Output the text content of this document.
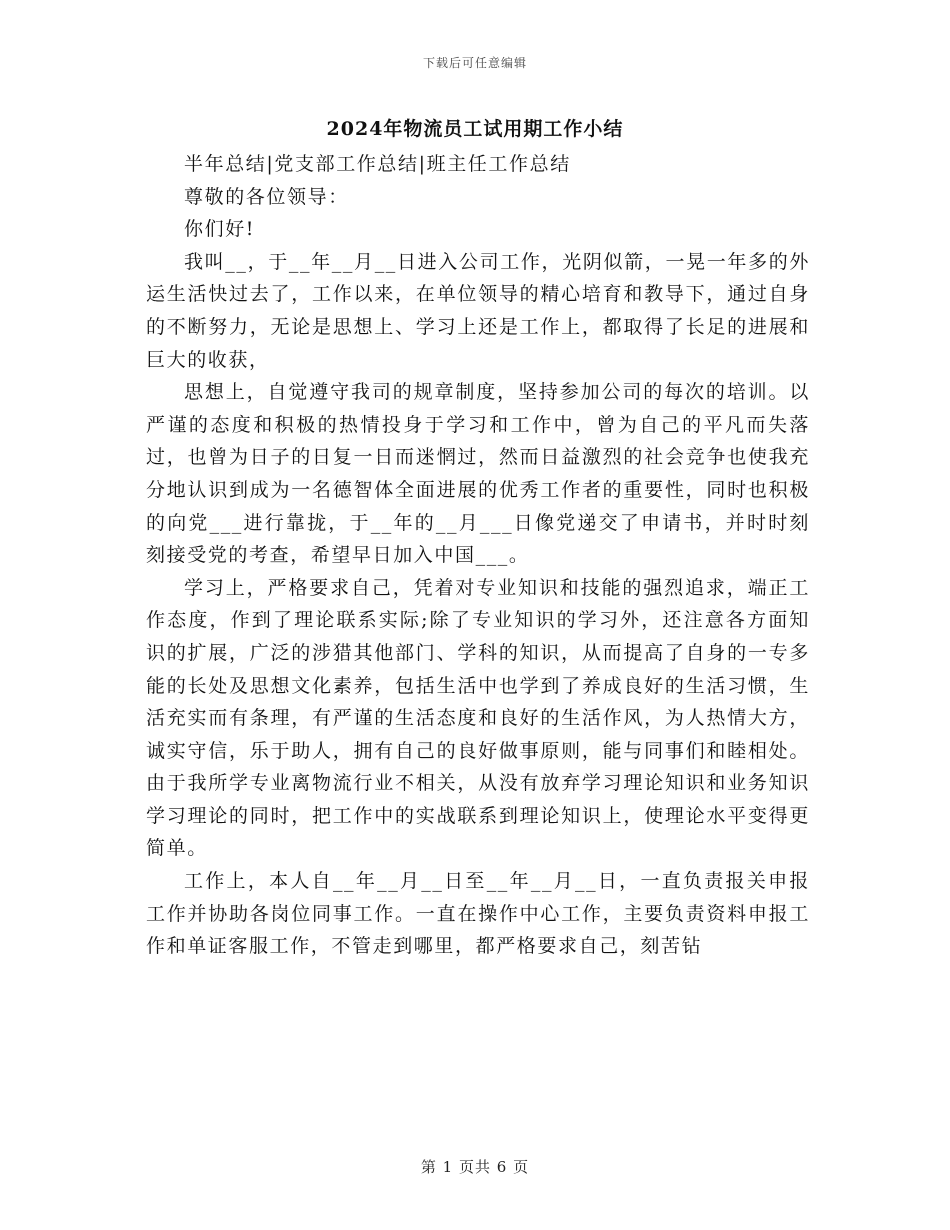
下载后可任意编辑
2024年物流员工试用期工作小结

半年总结|党支部工作总结|班主任工作总结

尊敬的各位领导：

你们好!

我叫__，于__年__月__日进入公司工作，光阴似箭，一晃一年多的外运生活快过去了，工作以来，在单位领导的精心培育和教导下，通过自身的不断努力，无论是思想上、学习上还是工作上，都取得了长足的进展和巨大的收获，

思想上，自觉遵守我司的规章制度，坚持参加公司的每次的培训。以严谨的态度和积极的热情投身于学习和工作中，曾为自己的平凡而失落过，也曾为日子的日复一日而迷惘过，然而日益激烈的社会竞争也使我充分地认识到成为一名德智体全面进展的优秀工作者的重要性，同时也积极的向党___进行靠拢，于__年的__月___日像党递交了申请书，并时时刻刻接受党的考查，希望早日加入中国___。

学习上，严格要求自己，凭着对专业知识和技能的强烈追求，端正工作态度，作到了理论联系实际;除了专业知识的学习外，还注意各方面知识的扩展，广泛的涉猎其他部门、学科的知识，从而提高了自身的一专多能的长处及思想文化素养，包括生活中也学到了养成良好的生活习惯，生活充实而有条理，有严谨的生活态度和良好的生活作风，为人热情大方，诚实守信，乐于助人，拥有自己的良好做事原则，能与同事们和睦相处。由于我所学专业离物流行业不相关，从没有放弃学习理论知识和业务知识学习理论的同时，把工作中的实战联系到理论知识上，使理论水平变得更简单。

工作上，本人自__年__月__日至__年__月__日，一直负责报关申报工作并协助各岗位同事工作。一直在操作中心工作，主要负责资料申报工作和单证客服工作，不管走到哪里，都严格要求自己，刻苦钻

第 1 页共 6 页
